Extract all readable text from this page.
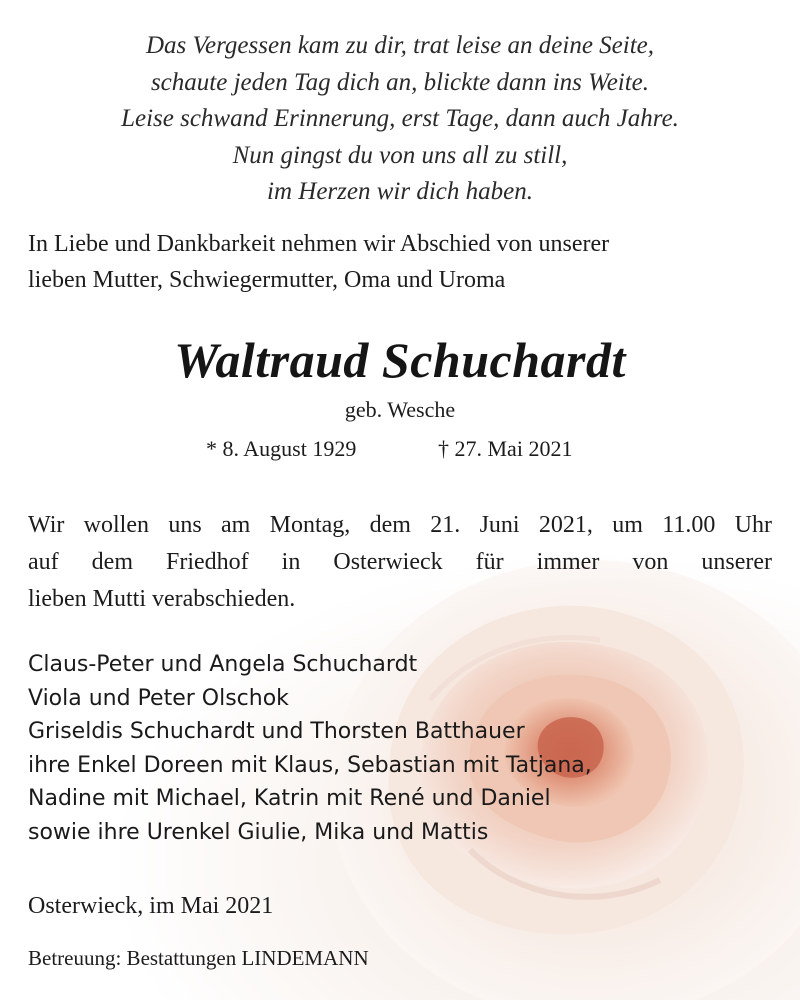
Das Vergessen kam zu dir, trat leise an deine Seite,
schaute jeden Tag dich an, blickte dann ins Weite.
Leise schwand Erinnerung, erst Tage, dann auch Jahre.
Nun gingst du von uns all zu still,
im Herzen wir dich haben.
In Liebe und Dankbarkeit nehmen wir Abschied von unserer
lieben Mutter, Schwiegermutter, Oma und Uroma
Waltraud Schuchardt
geb. Wesche
* 8. August 1929	† 27. Mai 2021
Wir wollen uns am Montag, dem 21. Juni 2021, um 11.00 Uhr
auf dem Friedhof in Osterwieck für immer von unserer
lieben Mutti verabschieden.
Claus-Peter und Angela Schuchardt
Viola und Peter Olschok
Griseldis Schuchardt und Thorsten Batthauer
ihre Enkel Doreen mit Klaus, Sebastian mit Tatjana,
Nadine mit Michael, Katrin mit René und Daniel
sowie ihre Urenkel Giulie, Mika und Mattis
Osterwieck, im Mai 2021
Betreuung: Bestattungen LINDEMANN
